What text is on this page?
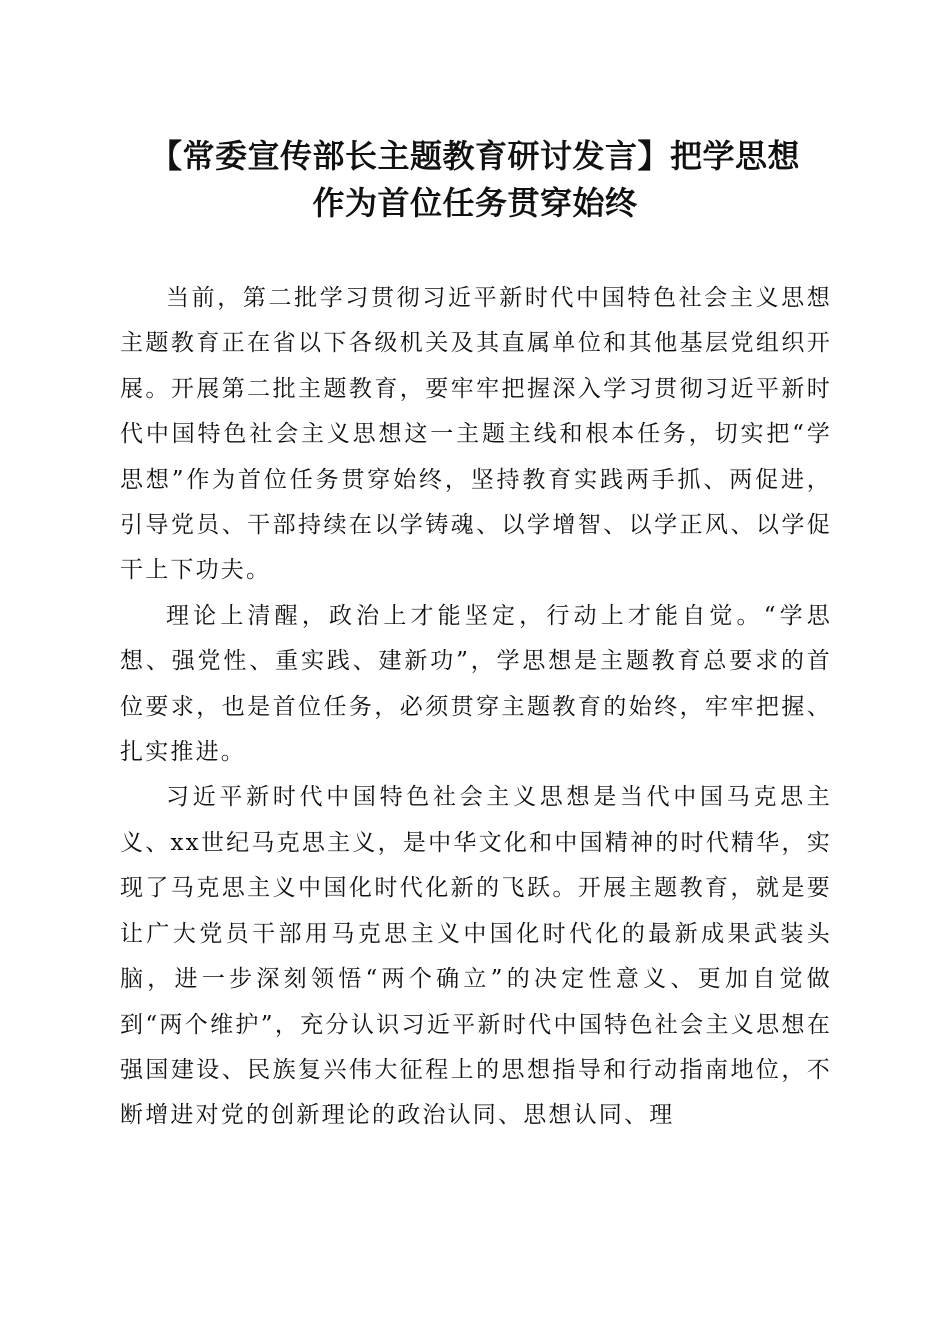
【常委宣传部长主题教育研讨发言】把学思想
作为首位任务贯穿始终

当前，第二批学习贯彻习近平新时代中国特色社会主义思想主题教育正在省以下各级机关及其直属单位和其他基层党组织开展。开展第二批主题教育，要牢牢把握深入学习贯彻习近平新时代中国特色社会主义思想这一主题主线和根本任务，切实把“学思想”作为首位任务贯穿始终，坚持教育实践两手抓、两促进，引导党员、干部持续在以学铸魂、以学增智、以学正风、以学促干上下功夫。

理论上清醒，政治上才能坚定，行动上才能自觉。“学思想、强党性、重实践、建新功”，学思想是主题教育总要求的首位要求，也是首位任务，必须贯穿主题教育的始终，牢牢把握、扎实推进。

习近平新时代中国特色社会主义思想是当代中国马克思主义、xx世纪马克思主义，是中华文化和中国精神的时代精华，实现了马克思主义中国化时代化新的飞跃。开展主题教育，就是要让广大党员干部用马克思主义中国化时代化的最新成果武装头脑，进一步深刻领悟“两个确立”的决定性意义、更加自觉做到“两个维护”，充分认识习近平新时代中国特色社会主义思想在强国建设、民族复兴伟大征程上的思想指导和行动指南地位，不断增进对党的创新理论的政治认同、思想认同、理
